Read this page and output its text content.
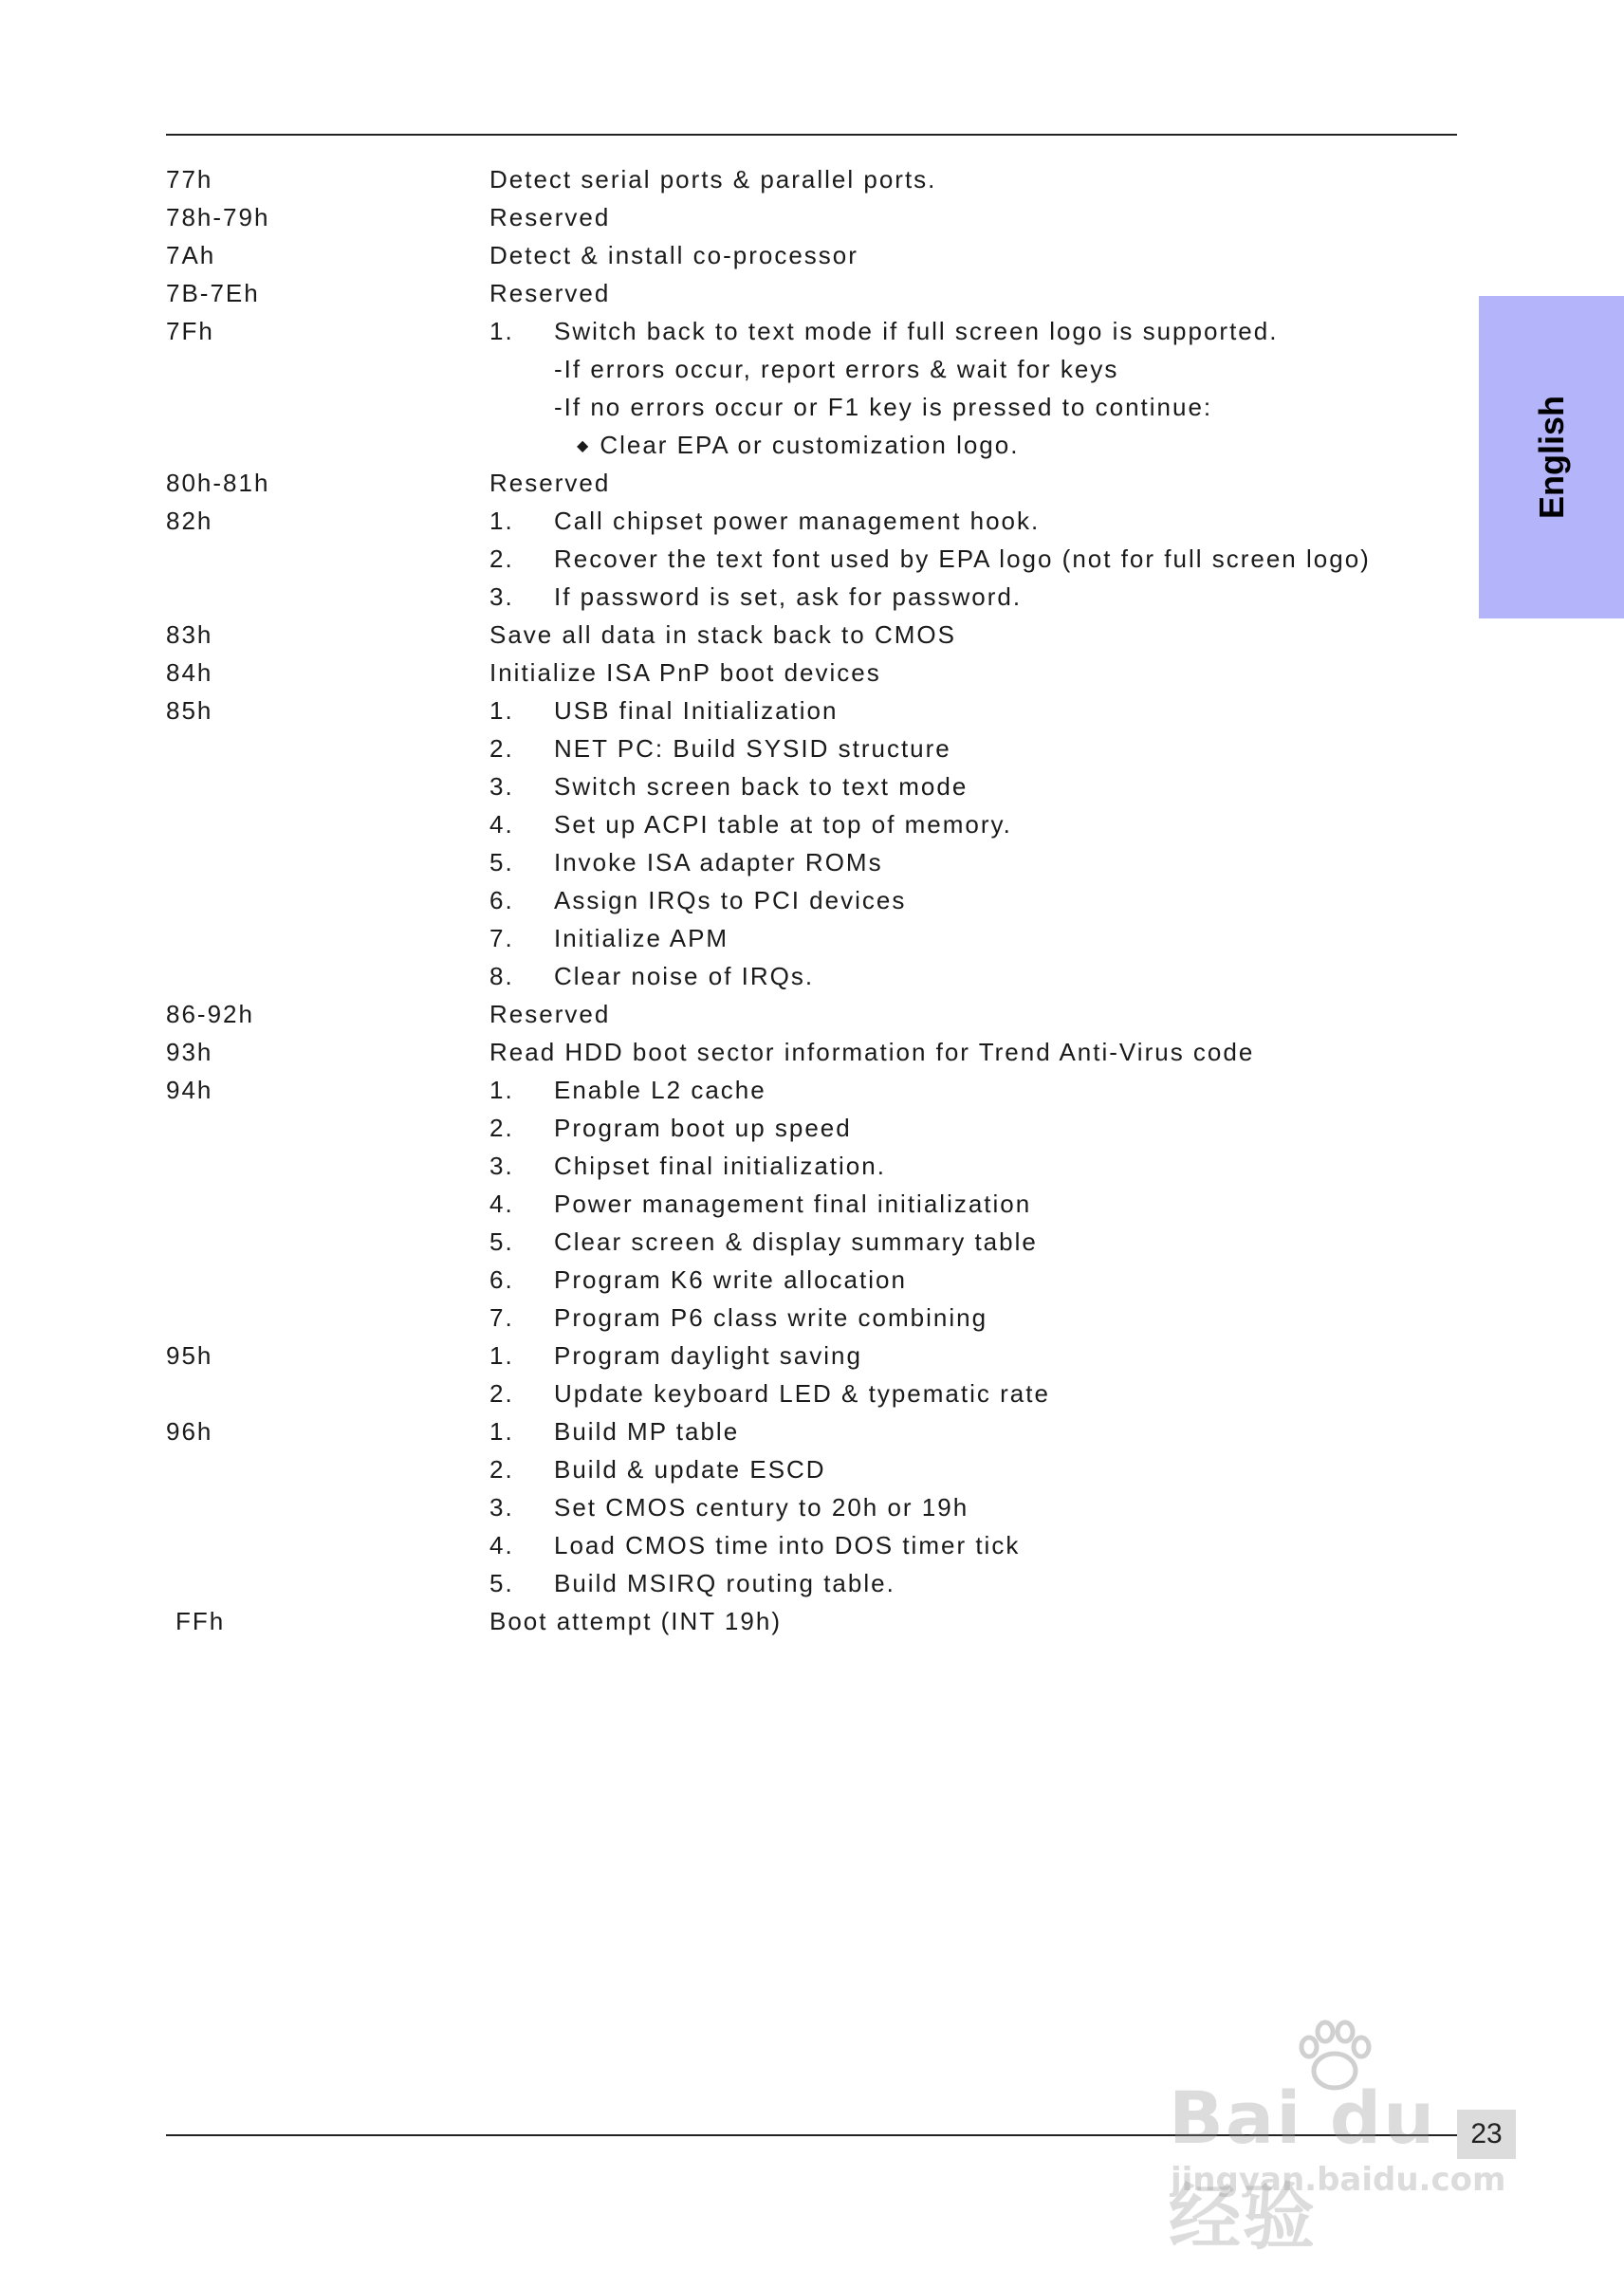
English
77h	Detect serial ports & parallel ports.
78h-79h	Reserved
7Ah	Detect & install co-processor
7B-7Eh	Reserved
7Fh	1. Switch back to text mode if full screen logo is supported.
-If errors occur, report errors & wait for keys
-If no errors occur or F1 key is pressed to continue:
◆ Clear EPA or customization logo.
80h-81h	Reserved
82h	1. Call chipset power management hook.
2. Recover the text font used by EPA logo (not for full screen logo)
3. If password is set, ask for password.
83h	Save all data in stack back to CMOS
84h	Initialize ISA PnP boot devices
85h	1. USB final Initialization
2. NET PC: Build SYSID structure
3. Switch screen back to text mode
4. Set up ACPI table at top of memory.
5. Invoke ISA adapter ROMs
6. Assign IRQs to PCI devices
7. Initialize APM
8. Clear noise of IRQs.
86-92h	Reserved
93h	Read HDD boot sector information for Trend Anti-Virus code
94h	1. Enable L2 cache
2. Program boot up speed
3. Chipset final initialization.
4. Power management final initialization
5. Clear screen & display summary table
6. Program K6 write allocation
7. Program P6 class write combining
95h	1. Program daylight saving
2. Update keyboard LED & typematic rate
96h	1. Build MP table
2. Build & update ESCD
3. Set CMOS century to 20h or 19h
4. Load CMOS time into DOS timer tick
5. Build MSIRQ routing table.
FFh	Boot attempt (INT 19h)
23
Bai du 经验
jingyan.baidu.com
